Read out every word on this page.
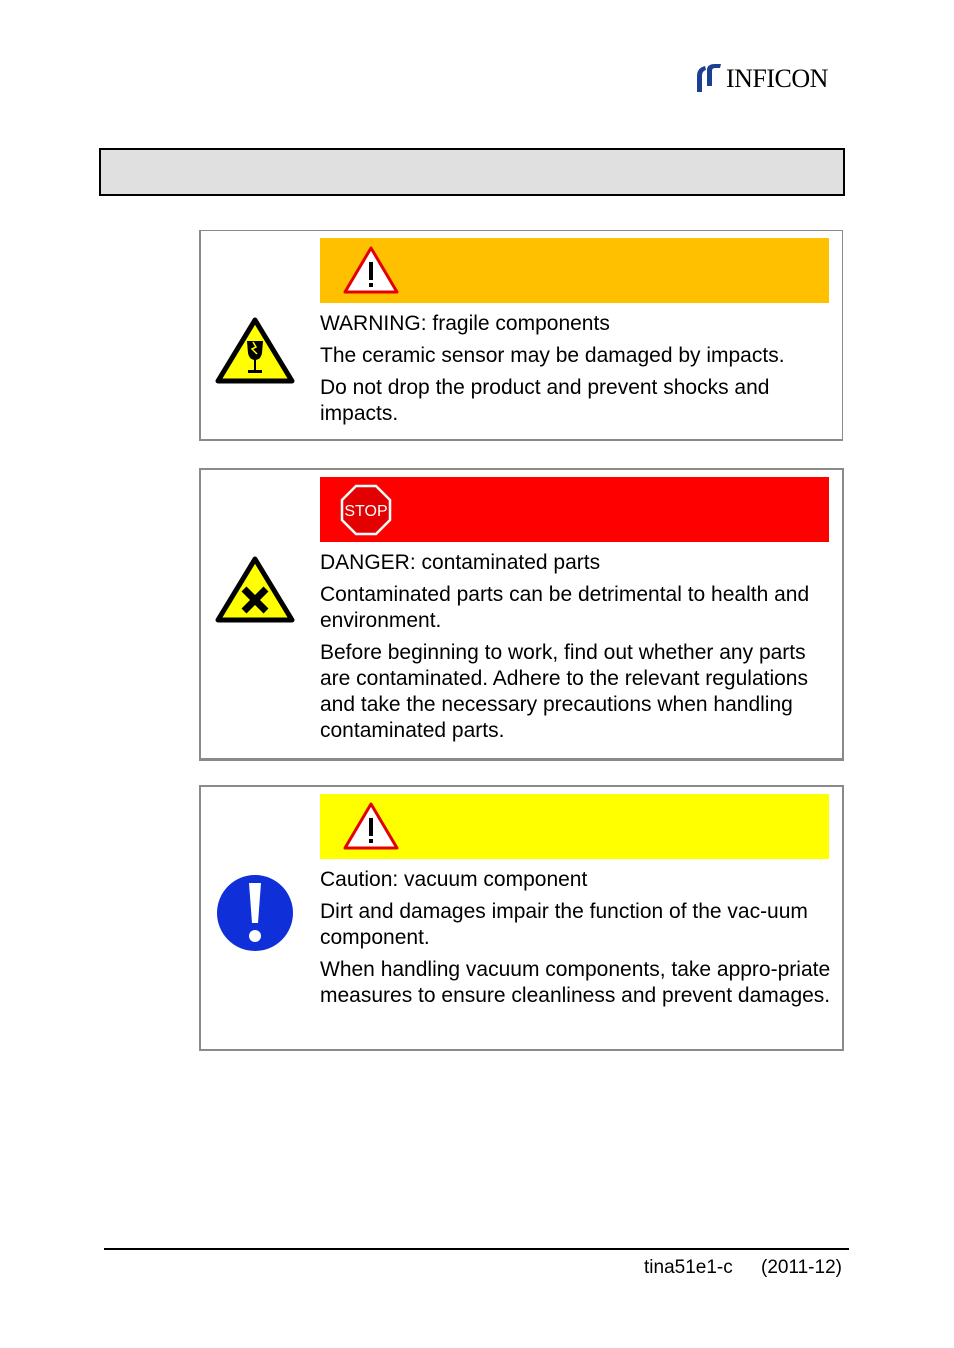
INFICON

WARNING: fragile components

The ceramic sensor may be damaged by impacts.

Do not drop the product and prevent shocks and impacts.

STOP

DANGER: contaminated parts

Contaminated parts can be detrimental to health and environment.

Before beginning to work, find out whether any parts are contaminated. Adhere to the relevant regulations and take the necessary precautions when handling contaminated parts.

Caution: vacuum component

Dirt and damages impair the function of the vac-uum component.

When handling vacuum components, take appro-priate measures to ensure cleanliness and prevent damages.

tina51e1-c (2011-12)
